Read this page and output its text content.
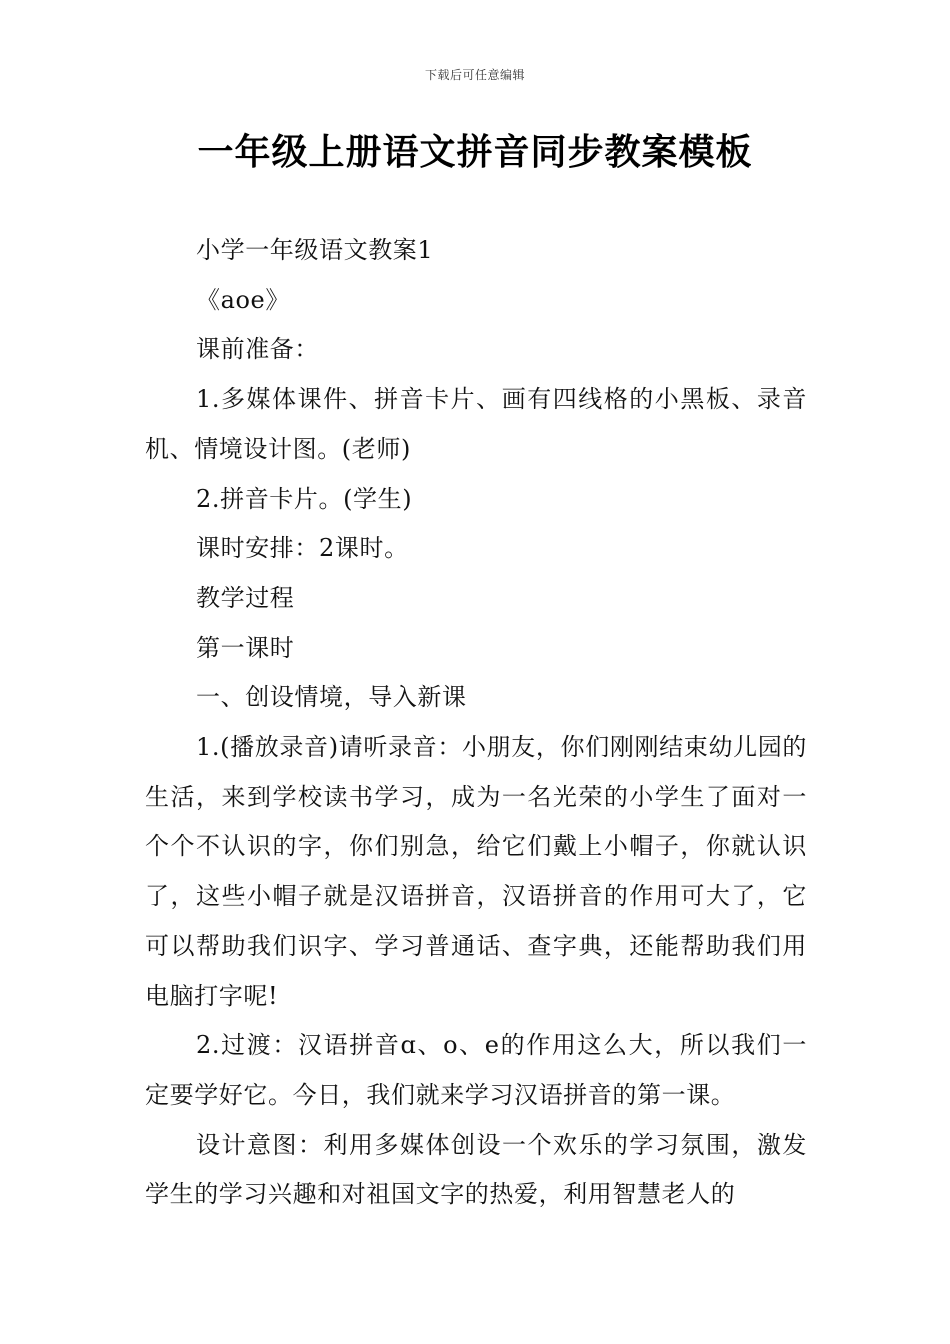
下载后可任意编辑
一年级上册语文拼音同步教案模板

小学一年级语文教案1

《aoe》

课前准备：

1.多媒体课件、拼音卡片、画有四线格的小黑板、录音机、情境设计图。(老师)

2.拼音卡片。(学生)

课时安排：2课时。

教学过程

第一课时

一、创设情境，导入新课

1.(播放录音)请听录音：小朋友，你们刚刚结束幼儿园的生活，来到学校读书学习，成为一名光荣的小学生了面对一个个不认识的字，你们别急，给它们戴上小帽子，你就认识了，这些小帽子就是汉语拼音，汉语拼音的作用可大了，它可以帮助我们识字、学习普通话、查字典，还能帮助我们用电脑打字呢!

2.过渡：汉语拼音ɑ、o、e的作用这么大，所以我们一定要学好它。今日，我们就来学习汉语拼音的第一课。

设计意图：利用多媒体创设一个欢乐的学习氛围，激发学生的学习兴趣和对祖国文字的热爱，利用智慧老人的
